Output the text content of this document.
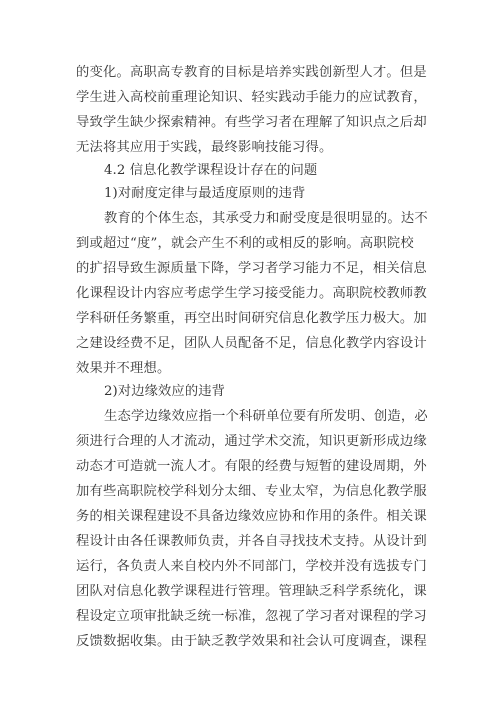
的变化。高职高专教育的目标是培养实践创新型人才。但是
学生进入高校前重理论知识、轻实践动手能力的应试教育，
导致学生缺少探索精神。有些学习者在理解了知识点之后却
无法将其应用于实践，最终影响技能习得。
4.2 信息化教学课程设计存在的问题
1)对耐度定律与最适度原则的违背
教育的个体生态，其承受力和耐受度是很明显的。达不
到或超过“度”，就会产生不利的或相反的影响。高职院校
的扩招导致生源质量下降，学习者学习能力不足，相关信息
化课程设计内容应考虑学生学习接受能力。高职院校教师教
学科研任务繁重，再空出时间研究信息化教学压力极大。加
之建设经费不足，团队人员配备不足，信息化教学内容设计
效果并不理想。
2)对边缘效应的违背
生态学边缘效应指一个科研单位要有所发明、创造，必
须进行合理的人才流动，通过学术交流，知识更新形成边缘
动态才可造就一流人才。有限的经费与短暂的建设周期，外
加有些高职院校学科划分太细、专业太窄，为信息化教学服
务的相关课程建设不具备边缘效应协和作用的条件。相关课
程设计由各任课教师负责，并各自寻找技术支持。从设计到
运行，各负责人来自校内外不同部门，学校并没有选拔专门
团队对信息化教学课程进行管理。管理缺乏科学系统化，课
程设定立项审批缺乏统一标准，忽视了学习者对课程的学习
反馈数据收集。由于缺乏教学效果和社会认可度调查，课程
